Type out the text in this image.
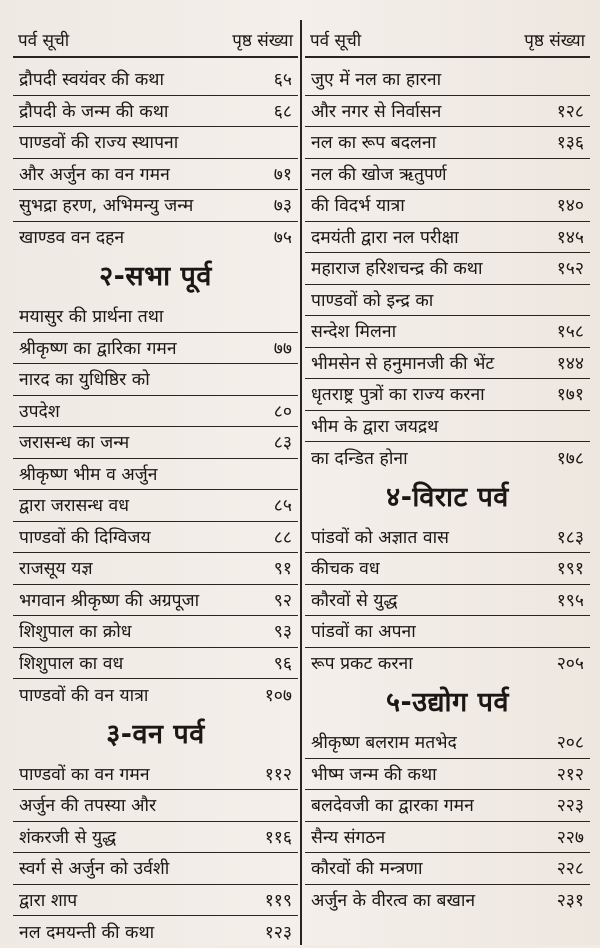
पर्व सूची	पृष्ठ संख्या
द्रौपदी स्वयंवर की कथा	६५
द्रौपदी के जन्म की कथा	६८
पाण्डवों की राज्य स्थापना
और अर्जुन का वन गमन	७१
सुभद्रा हरण, अभिमन्यु जन्म	७३
खाण्डव वन दहन	७५
२-सभा पूर्व
मयासुर की प्रार्थना तथा
श्रीकृष्ण का द्वारिका गमन	७७
नारद का युधिष्ठिर को
उपदेश	८०
जरासन्ध का जन्म	८३
श्रीकृष्ण भीम व अर्जुन
द्वारा जरासन्ध वध	८५
पाण्डवों की दिग्विजय	८८
राजसूय यज्ञ	९१
भगवान श्रीकृष्ण की अग्रपूजा	९२
शिशुपाल का क्रोध	९३
शिशुपाल का वध	९६
पाण्डवों की वन यात्रा	१०७
३-वन पर्व
पाण्डवों का वन गमन	११२
अर्जुन की तपस्या और
शंकरजी से युद्ध	११६
स्वर्ग से अर्जुन को उर्वशी
द्वारा शाप	११९
नल दमयन्ती की कथा	१२३
पर्व सूची	पृष्ठ संख्या
जुए में नल का हारना
और नगर से निर्वासन	१२८
नल का रूप बदलना	१३६
नल की खोज ऋतुपर्ण
की विदर्भ यात्रा	१४०
दमयंती द्वारा नल परीक्षा	१४५
महाराज हरिशचन्द्र की कथा	१५२
पाण्डवों को इन्द्र का
सन्देश मिलना	१५८
भीमसेन से हनुमानजी की भेंट	१४४
धृतराष्ट्र पुत्रों का राज्य करना	१७१
भीम के द्वारा जयद्रथ
का दन्डित होना	१७८
४-विराट पर्व
पांडवों को अज्ञात वास	१८३
कीचक वध	१९१
कौरवों से युद्ध	१९५
पांडवों का अपना
रूप प्रकट करना	२०५
५-उद्योग पर्व
श्रीकृष्ण बलराम मतभेद	२०८
भीष्म जन्म की कथा	२१२
बलदेवजी का द्वारका गमन	२२३
सैन्य संगठन	२२७
कौरवों की मन्त्रणा	२२८
अर्जुन के वीरत्व का बखान	२३१
